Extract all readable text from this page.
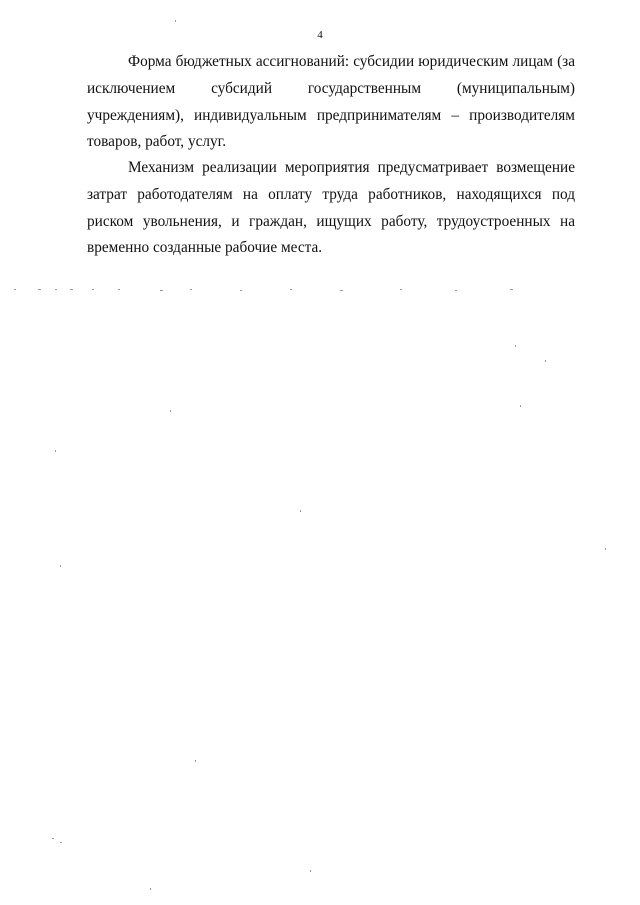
4

Форма бюджетных ассигнований: субсидии юридическим лицам (за исключением субсидий государственным (муниципальным) учреждениям), индивидуальным предпринимателям – производителям товаров, работ, услуг.

Механизм реализации мероприятия предусматривает возмещение затрат работодателям на оплату труда работников, находящихся под риском увольнения, и граждан, ищущих работу, трудоустроенных на временно созданные рабочие места.
